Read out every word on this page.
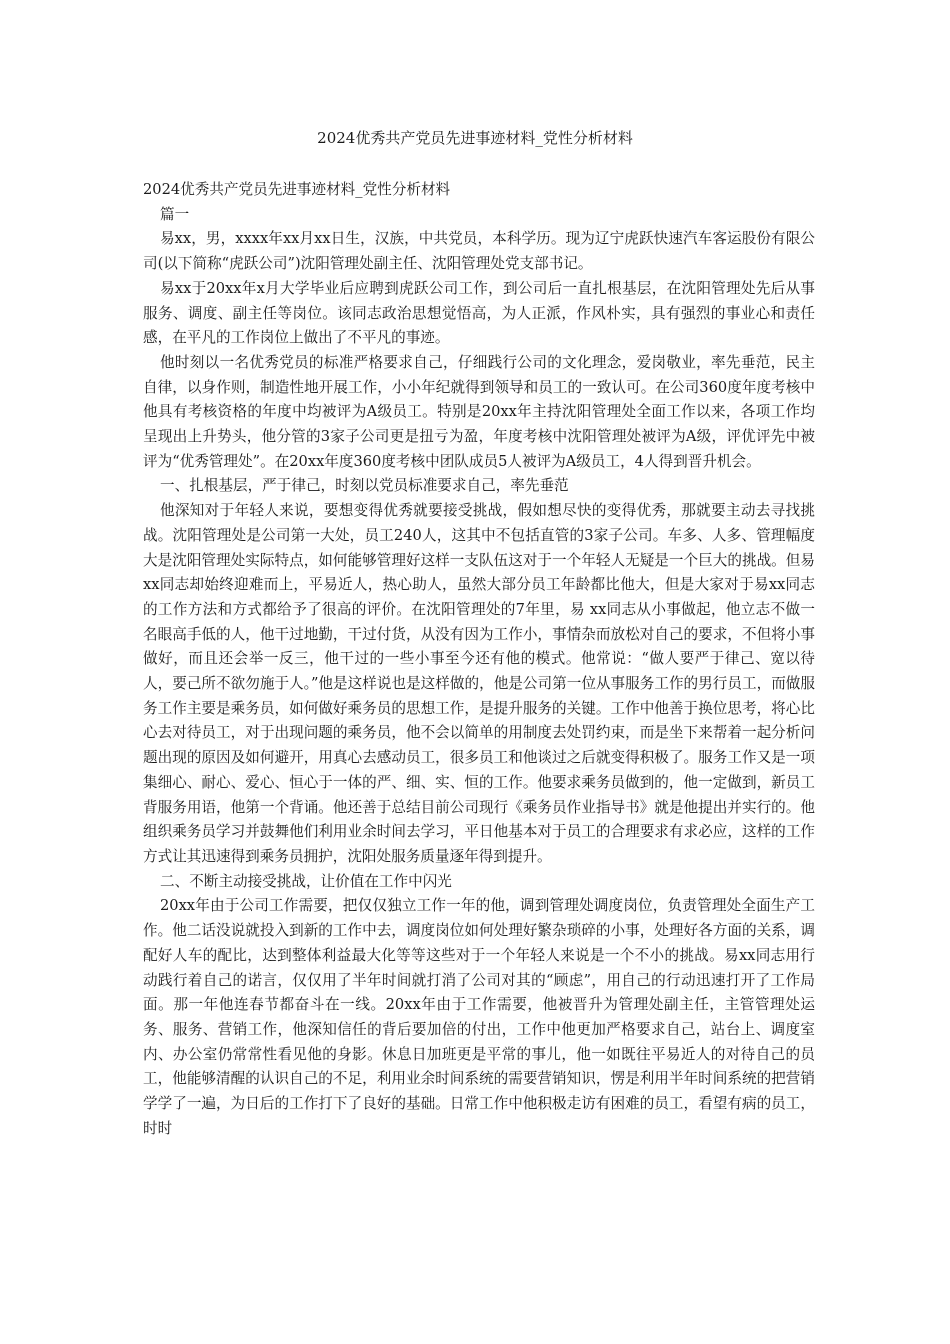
2024优秀共产党员先进事迹材料_党性分析材料

2024优秀共产党员先进事迹材料_党性分析材料

篇一

易xx，男，xxxx年xx月xx日生，汉族，中共党员，本科学历。现为辽宁虎跃快速汽车客运股份有限公司(以下简称“虎跃公司”)沈阳管理处副主任、沈阳管理处党支部书记。

易xx于20xx年x月大学毕业后应聘到虎跃公司工作，到公司后一直扎根基层，在沈阳管理处先后从事服务、调度、副主任等岗位。该同志政治思想觉悟高，为人正派，作风朴实，具有强烈的事业心和责任感，在平凡的工作岗位上做出了不平凡的事迹。

他时刻以一名优秀党员的标准严格要求自己，仔细践行公司的文化理念，爱岗敬业，率先垂范，民主自律，以身作则，制造性地开展工作，小小年纪就得到领导和员工的一致认可。在公司360度年度考核中他具有考核资格的年度中均被评为A级员工。特别是20xx年主持沈阳管理处全面工作以来，各项工作均呈现出上升势头，他分管的3家子公司更是扭亏为盈，年度考核中沈阳管理处被评为A级，评优评先中被评为“优秀管理处”。在20xx年度360度考核中团队成员5人被评为A级员工，4人得到晋升机会。

一、扎根基层，严于律己，时刻以党员标准要求自己，率先垂范

他深知对于年轻人来说，要想变得优秀就要接受挑战，假如想尽快的变得优秀，那就要主动去寻找挑战。沈阳管理处是公司第一大处，员工240人，这其中不包括直管的3家子公司。车多、人多、管理幅度大是沈阳管理处实际特点，如何能够管理好这样一支队伍这对于一个年轻人无疑是一个巨大的挑战。但易xx同志却始终迎难而上，平易近人，热心助人，虽然大部分员工年龄都比他大，但是大家对于易xx同志的工作方法和方式都给予了很高的评价。在沈阳管理处的7年里，易 xx同志从小事做起，他立志不做一名眼高手低的人，他干过地勤，干过付货，从没有因为工作小，事情杂而放松对自己的要求，不但将小事做好，而且还会举一反三，他干过的一些小事至今还有他的模式。他常说：“做人要严于律己、宽以待人，要己所不欲勿施于人。”他是这样说也是这样做的，他是公司第一位从事服务工作的男行员工，而做服务工作主要是乘务员，如何做好乘务员的思想工作，是提升服务的关键。工作中他善于换位思考，将心比心去对待员工，对于出现问题的乘务员，他不会以简单的用制度去处罚约束，而是坐下来帮着一起分析问题出现的原因及如何避开，用真心去感动员工，很多员工和他谈过之后就变得积极了。服务工作又是一项集细心、耐心、爱心、恒心于一体的严、细、实、恒的工作。他要求乘务员做到的，他一定做到，新员工背服务用语，他第一个背诵。他还善于总结目前公司现行《乘务员作业指导书》就是他提出并实行的。他组织乘务员学习并鼓舞他们利用业余时间去学习，平日他基本对于员工的合理要求有求必应，这样的工作方式让其迅速得到乘务员拥护，沈阳处服务质量逐年得到提升。

二、不断主动接受挑战，让价值在工作中闪光

20xx年由于公司工作需要，把仅仅独立工作一年的他，调到管理处调度岗位，负责管理处全面生产工作。他二话没说就投入到新的工作中去，调度岗位如何处理好繁杂琐碎的小事，处理好各方面的关系，调配好人车的配比，达到整体利益最大化等等这些对于一个年轻人来说是一个不小的挑战。易xx同志用行动践行着自己的诺言，仅仅用了半年时间就打消了公司对其的“顾虑”，用自己的行动迅速打开了工作局面。那一年他连春节都奋斗在一线。20xx年由于工作需要，他被晋升为管理处副主任，主管管理处运务、服务、营销工作，他深知信任的背后要加倍的付出，工作中他更加严格要求自己，站台上、调度室内、办公室仍常常性看见他的身影。休息日加班更是平常的事儿，他一如既往平易近人的对待自己的员工，他能够清醒的认识自己的不足，利用业余时间系统的需要营销知识，愣是利用半年时间系统的把营销学学了一遍，为日后的工作打下了良好的基础。日常工作中他积极走访有困难的员工，看望有病的员工，时时
